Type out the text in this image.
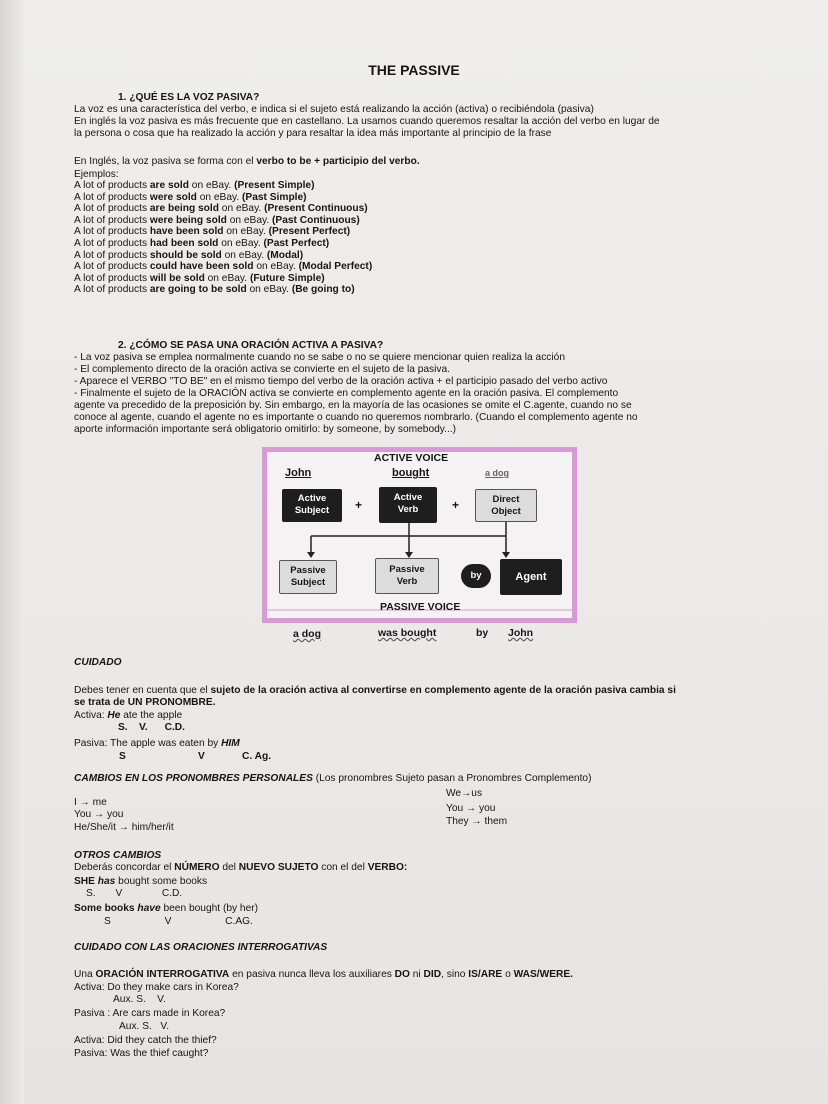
THE PASSIVE
1. ¿QUÉ ES LA VOZ PASIVA?
La voz es una característica del verbo, e indica si el sujeto está realizando la acción (activa) o recibiéndola (pasiva)
En inglés la voz pasiva es más frecuente que en castellano. La usamos cuando queremos resaltar la acción del verbo en lugar de
la persona o cosa que ha realizado la acción y para resaltar la idea más importante al principio de la frase
En Inglés, la voz pasiva se forma con el verbo to be + participio del verbo.
Ejemplos:
A lot of products are sold on eBay. (Present Simple)
A lot of products were sold on eBay. (Past Simple)
A lot of products are being sold on eBay. (Present Continuous)
A lot of products were being sold on eBay. (Past Continuous)
A lot of products have been sold on eBay. (Present Perfect)
A lot of products had been sold on eBay. (Past Perfect)
A lot of products should be sold on eBay. (Modal)
A lot of products could have been sold on eBay. (Modal Perfect)
A lot of products will be sold on eBay. (Future Simple)
A lot of products are going to be sold on eBay. (Be going to)
2. ¿CÓMO SE PASA UNA ORACIÓN ACTIVA A PASIVA?
- La voz pasiva se emplea normalmente cuando no se sabe o no se quiere mencionar quien realiza la acción
- El complemento directo de la oración activa se convierte en el sujeto de la pasiva.
- Aparece el VERBO "TO BE" en el mismo tiempo del verbo de la oración activa + el participio pasado del verbo activo
- Finalmente el sujeto de la ORACIÓN activa se convierte en complemento agente en la oración pasiva. El complemento
agente va precedido de la preposición by. Sin embargo, en la mayoría de las ocasiones se omite el C.agente, cuando no se
conoce al agente, cuando el agente no es importante o cuando no queremos nombrarlo. (Cuando el complemento agente no
aporte información importante será obligatorio omitirlo: by someone, by somebody...)
ACTIVE VOICE
John	bought	a dog
Active
Subject	+
Active
Verb	+	Direct
Object
Passive
Subject
Passive
Verb
by	Agent
PASSIVE VOICE
a dog	was bought	by John
CUIDADO
Debes tener en cuenta que el sujeto de la oración activa al convertirse en complemento agente de la oración pasiva cambia si
se trata de UN PRONOMBRE.
Activa: He ate the apple
S.    V.      C.D.
Pasiva: The apple was eaten by HIM
S	V	C. Ag.
CAMBIOS EN LOS PRONOMBRES PERSONALES (Los pronombres Sujeto pasan a Pronombres Complemento)
I → me
You → you
He/She/it → him/her/it
We→us
You → you
They → them
OTROS CAMBIOS
Deberás concordar el NÚMERO del NUEVO SUJETO con el del VERBO:
SHE has bought some books
S.       V              C.D.
Some books have been bought (by her)
S                   V                   C.AG.
CUIDADO CON LAS ORACIONES INTERROGATIVAS
Una ORACIÓN INTERROGATIVA en pasiva nunca lleva los auxiliares DO ni DID, sino IS/ARE o WAS/WERE.
Activa: Do they make cars in Korea?
Aux. S.    V.
Pasiva : Are cars made in Korea?
Aux. S.   V.
Activa: Did they catch the thief?
Pasiva: Was the thief caught?
